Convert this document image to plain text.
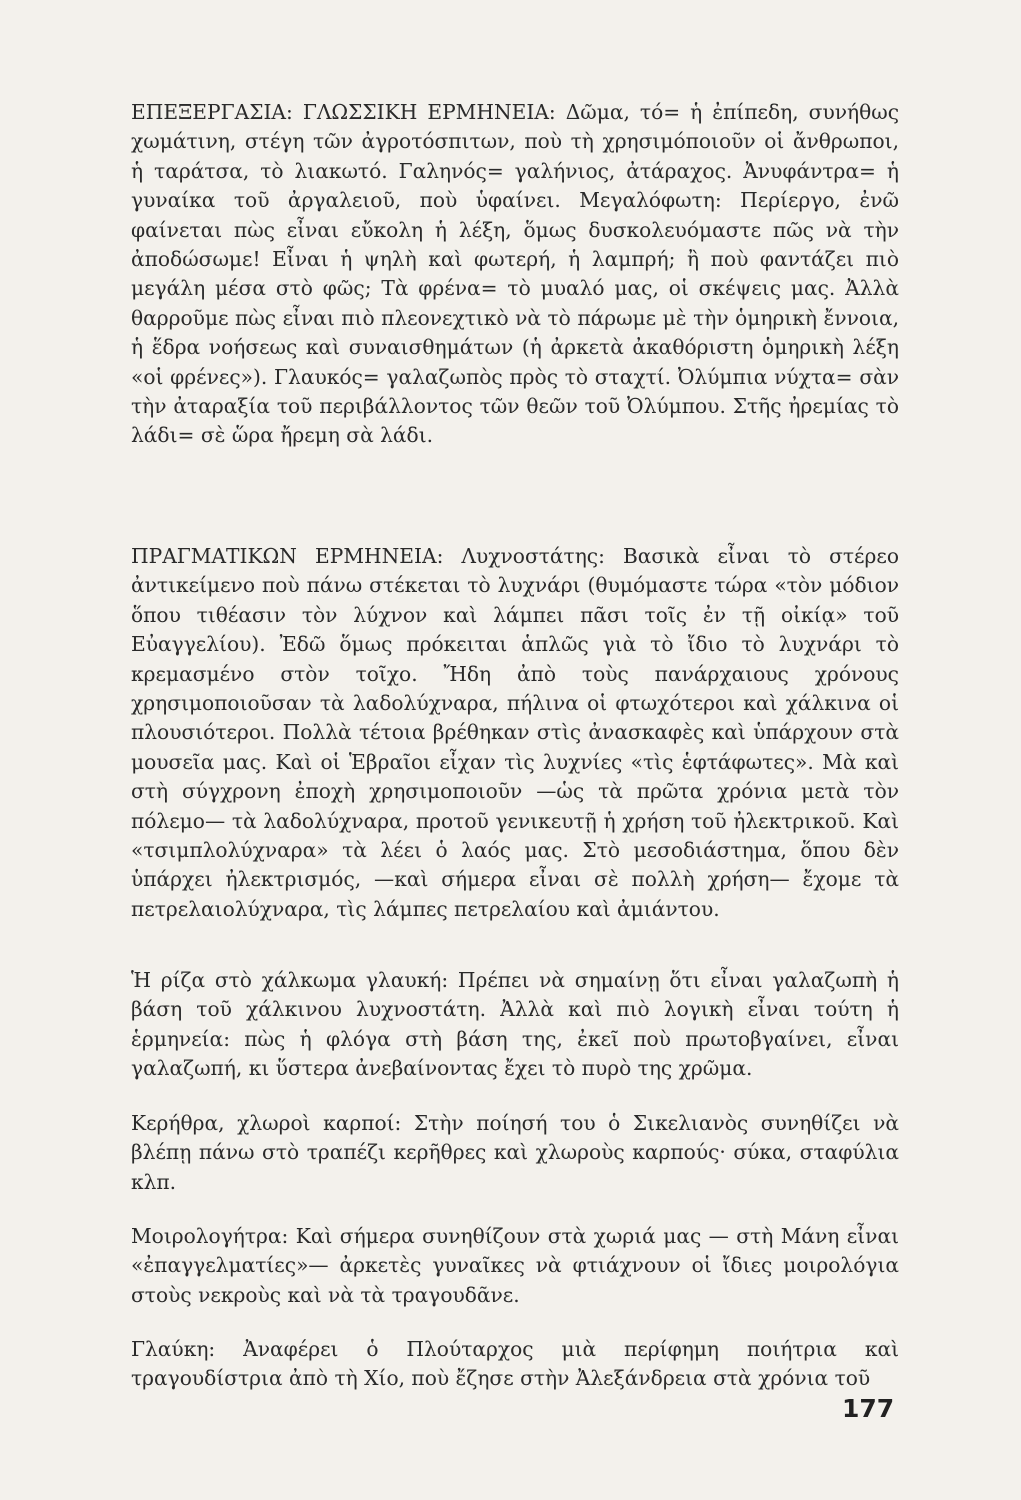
ΕΠΕΞΕΡΓΑΣΙΑ: ΓΛΩΣΣΙΚΗ ΕΡΜΗΝΕΙΑ: Δῶμα, τό= ἡ ἐπίπεδη, συνήθως χωμάτινη, στέγη τῶν ἀγροτόσπιτων, ποὺ τὴ χρησιμόποιοῦν οἱ ἄνθρωποι, ἡ ταράτσα, τὸ λιακωτό. Γαληνός= γαλήνιος, ἀτάραχος. Ἀνυφάντρα= ἡ γυναίκα τοῦ ἀργαλειοῦ, ποὺ ὑφαίνει. Μεγαλόφωτη: Περίεργο, ἐνῶ φαίνεται πὼς εἶναι εὔκολη ἡ λέξη, ὅμως δυσκολευόμαστε πῶς νὰ τὴν ἀποδώσωμε! Εἶναι ἡ ψηλὴ καὶ φωτερή, ἡ λαμπρή; ἢ ποὺ φαντάζει πιὸ μεγάλη μέσα στὸ φῶς; Τὰ φρένα= τὸ μυαλό μας, οἱ σκέψεις μας. Ἀλλὰ θαρροῦμε πὼς εἶναι πιὸ πλεονεχτικὸ νὰ τὸ πάρωμε μὲ τὴν ὁμηρικὴ ἔννοια, ἡ ἕδρα νοήσεως καὶ συναισθημάτων (ἡ ἀρκετὰ ἀκαθόριστη ὁμηρικὴ λέξη «οἱ φρένες»). Γλαυκός= γαλαζωπὸς πρὸς τὸ σταχτί. Ὀλύμπια νύχτα= σὰν τὴν ἀταραξία τοῦ περιβάλλοντος τῶν θεῶν τοῦ Ὀλύμπου. Στῆς ἠρεμίας τὸ λάδι= σὲ ὥρα ἤρεμη σὰ λάδι.

ΠΡΑΓΜΑΤΙΚΩΝ ΕΡΜΗΝΕΙΑ: Λυχνοστάτης: Βασικὰ εἶναι τὸ στέρεο ἀντικείμενο ποὺ πάνω στέκεται τὸ λυχνάρι (θυμόμαστε τώρα «τὸν μόδιον ὅπου τιθέασιν τὸν λύχνον καὶ λάμπει πᾶσι τοῖς ἐν τῇ οἰκίᾳ» τοῦ Εὐαγγελίου). Ἐδῶ ὅμως πρόκειται ἁπλῶς γιὰ τὸ ἴδιο τὸ λυχνάρι τὸ κρεμασμένο στὸν τοῖχο. Ἤδη ἀπὸ τοὺς πανάρχαιους χρόνους χρησιμοποιοῦσαν τὰ λαδολύχναρα, πήλινα οἱ φτωχότεροι καὶ χάλκινα οἱ πλουσιότεροι. Πολλὰ τέτοια βρέθηκαν στὶς ἀνασκαφὲς καὶ ὑπάρχουν στὰ μουσεῖα μας. Καὶ οἱ Ἑβραῖοι εἶχαν τὶς λυχνίες «τὶς ἑφτάφωτες». Μὰ καὶ στὴ σύγχρονη ἐποχὴ χρησιμοποιοῦν —ὡς τὰ πρῶτα χρόνια μετὰ τὸν πόλεμο— τὰ λαδολύχναρα, προτοῦ γενικευτῇ ἡ χρήση τοῦ ἠλεκτρικοῦ. Καὶ «τσιμπλολύχναρα» τὰ λέει ὁ λαός μας. Στὸ μεσοδιάστημα, ὅπου δὲν ὑπάρχει ἠλεκτρισμός, —καὶ σήμερα εἶναι σὲ πολλὴ χρήση— ἔχομε τὰ πετρελαιολύχναρα, τὶς λάμπες πετρελαίου καὶ ἀμιάντου.

Ἡ ρίζα στὸ χάλκωμα γλαυκή: Πρέπει νὰ σημαίνῃ ὅτι εἶναι γαλαζωπὴ ἡ βάση τοῦ χάλκινου λυχνοστάτη. Ἀλλὰ καὶ πιὸ λογικὴ εἶναι τούτη ἡ ἑρμηνεία: πὼς ἡ φλόγα στὴ βάση της, ἐκεῖ ποὺ πρωτοβγαίνει, εἶναι γαλαζωπή, κι ὕστερα ἀνεβαίνοντας ἔχει τὸ πυρὸ της χρῶμα.

Κερήθρα, χλωροὶ καρποί: Στὴν ποίησή του ὁ Σικελιανὸς συνηθίζει νὰ βλέπῃ πάνω στὸ τραπέζι κερῆθρες καὶ χλωροὺς καρπούς· σύκα, σταφύλια κλπ.

Μοιρολογήτρα: Καὶ σήμερα συνηθίζουν στὰ χωριά μας — στὴ Μάνη εἶναι «ἐπαγγελματίες»— ἀρκετὲς γυναῖκες νὰ φτιάχνουν οἱ ἴδιες μοιρολόγια στοὺς νεκροὺς καὶ νὰ τὰ τραγουδᾶνε.

Γλαύκη: Ἀναφέρει ὁ Πλούταρχος μιὰ περίφημη ποιήτρια καὶ τραγουδίστρια ἀπὸ τὴ Χίο, ποὺ ἔζησε στὴν Ἀλεξάνδρεια στὰ χρόνια τοῦ

177
